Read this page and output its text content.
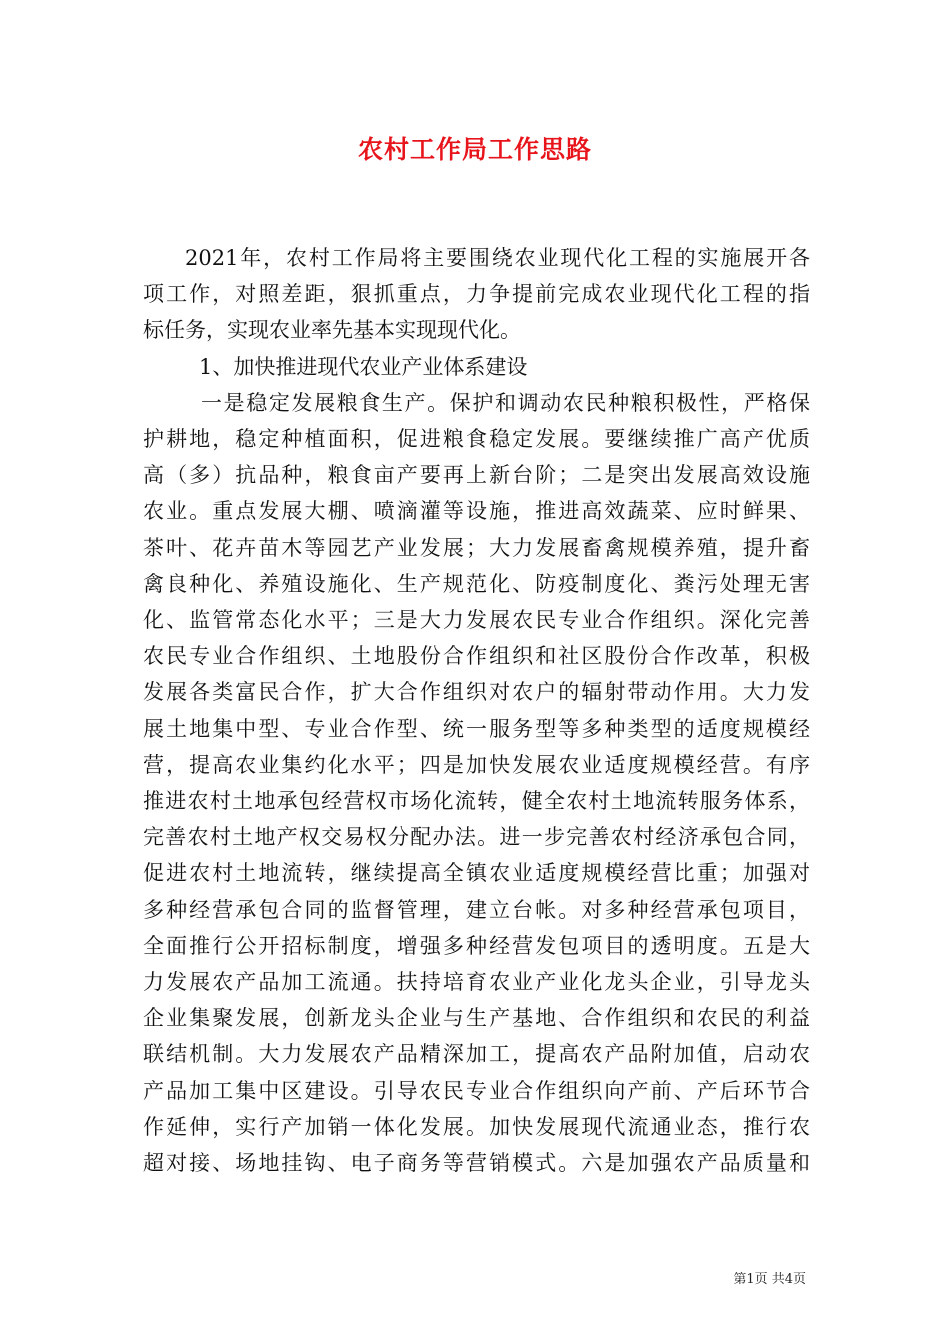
农村工作局工作思路
2021年，农村工作局将主要围绕农业现代化工程的实施展开各
项工作，对照差距，狠抓重点，力争提前完成农业现代化工程的指
标任务，实现农业率先基本实现现代化。
1、加快推进现代农业产业体系建设
一是稳定发展粮食生产。保护和调动农民种粮积极性，严格保
护耕地，稳定种植面积，促进粮食稳定发展。要继续推广高产优质
高（多）抗品种，粮食亩产要再上新台阶；二是突出发展高效设施
农业。重点发展大棚、喷滴灌等设施，推进高效蔬菜、应时鲜果、
茶叶、花卉苗木等园艺产业发展；大力发展畜禽规模养殖，提升畜
禽良种化、养殖设施化、生产规范化、防疫制度化、粪污处理无害
化、监管常态化水平；三是大力发展农民专业合作组织。深化完善
农民专业合作组织、土地股份合作组织和社区股份合作改革，积极
发展各类富民合作，扩大合作组织对农户的辐射带动作用。大力发
展土地集中型、专业合作型、统一服务型等多种类型的适度规模经
营，提高农业集约化水平；四是加快发展农业适度规模经营。有序
推进农村土地承包经营权市场化流转，健全农村土地流转服务体系，
完善农村土地产权交易权分配办法。进一步完善农村经济承包合同，
促进农村土地流转，继续提高全镇农业适度规模经营比重；加强对
多种经营承包合同的监督管理，建立台帐。对多种经营承包项目，
全面推行公开招标制度，增强多种经营发包项目的透明度。五是大
力发展农产品加工流通。扶持培育农业产业化龙头企业，引导龙头
企业集聚发展，创新龙头企业与生产基地、合作组织和农民的利益
联结机制。大力发展农产品精深加工，提高农产品附加值，启动农
产品加工集中区建设。引导农民专业合作组织向产前、产后环节合
作延伸，实行产加销一体化发展。加快发展现代流通业态，推行农
超对接、场地挂钩、电子商务等营销模式。六是加强农产品质量和
第1页 共4页
